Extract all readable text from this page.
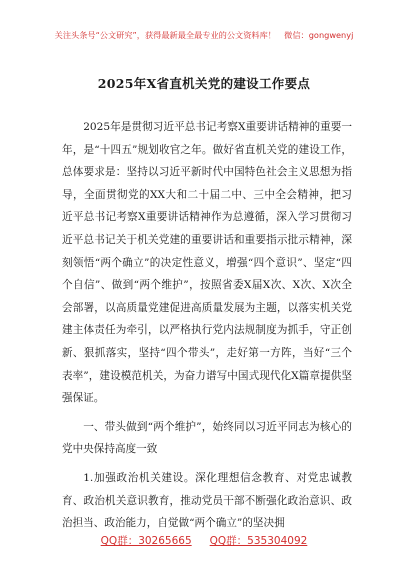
关注头条号“公文研究”，获得最新最全最专业的公文资料库！　微信：gongwenyj
2025年X省直机关党的建设工作要点

2025年是贯彻习近平总书记考察X重要讲话精神的重要一年，是“十四五”规划收官之年。做好省直机关党的建设工作，总体要求是：坚持以习近平新时代中国特色社会主义思想为指导，全面贯彻党的XX大和二十届二中、三中全会精神，把习近平总书记考察X重要讲话精神作为总遵循，深入学习贯彻习近平总书记关于机关党建的重要讲话和重要指示批示精神，深刻领悟“两个确立”的决定性意义，增强“四个意识”、坚定“四个自信”、做到“两个维护”，按照省委X届X次、X次、X次全会部署，以高质量党建促进高质量发展为主题，以落实机关党建主体责任为牵引，以严格执行党内法规制度为抓手，守正创新、狠抓落实，坚持“四个带头”，走好第一方阵，当好“三个表率”，建设模范机关，为奋力谱写中国式现代化X篇章提供坚强保证。

一、带头做到“两个维护”，始终同以习近平同志为核心的党中央保持高度一致

1.加强政治机关建设。深化理想信念教育、对党忠诚教育、政治机关意识教育，推动党员干部不断强化政治意识、政治担当、政治能力，自觉做“两个确立”的坚决拥

QQ群：30265665 QQ群：535304092
